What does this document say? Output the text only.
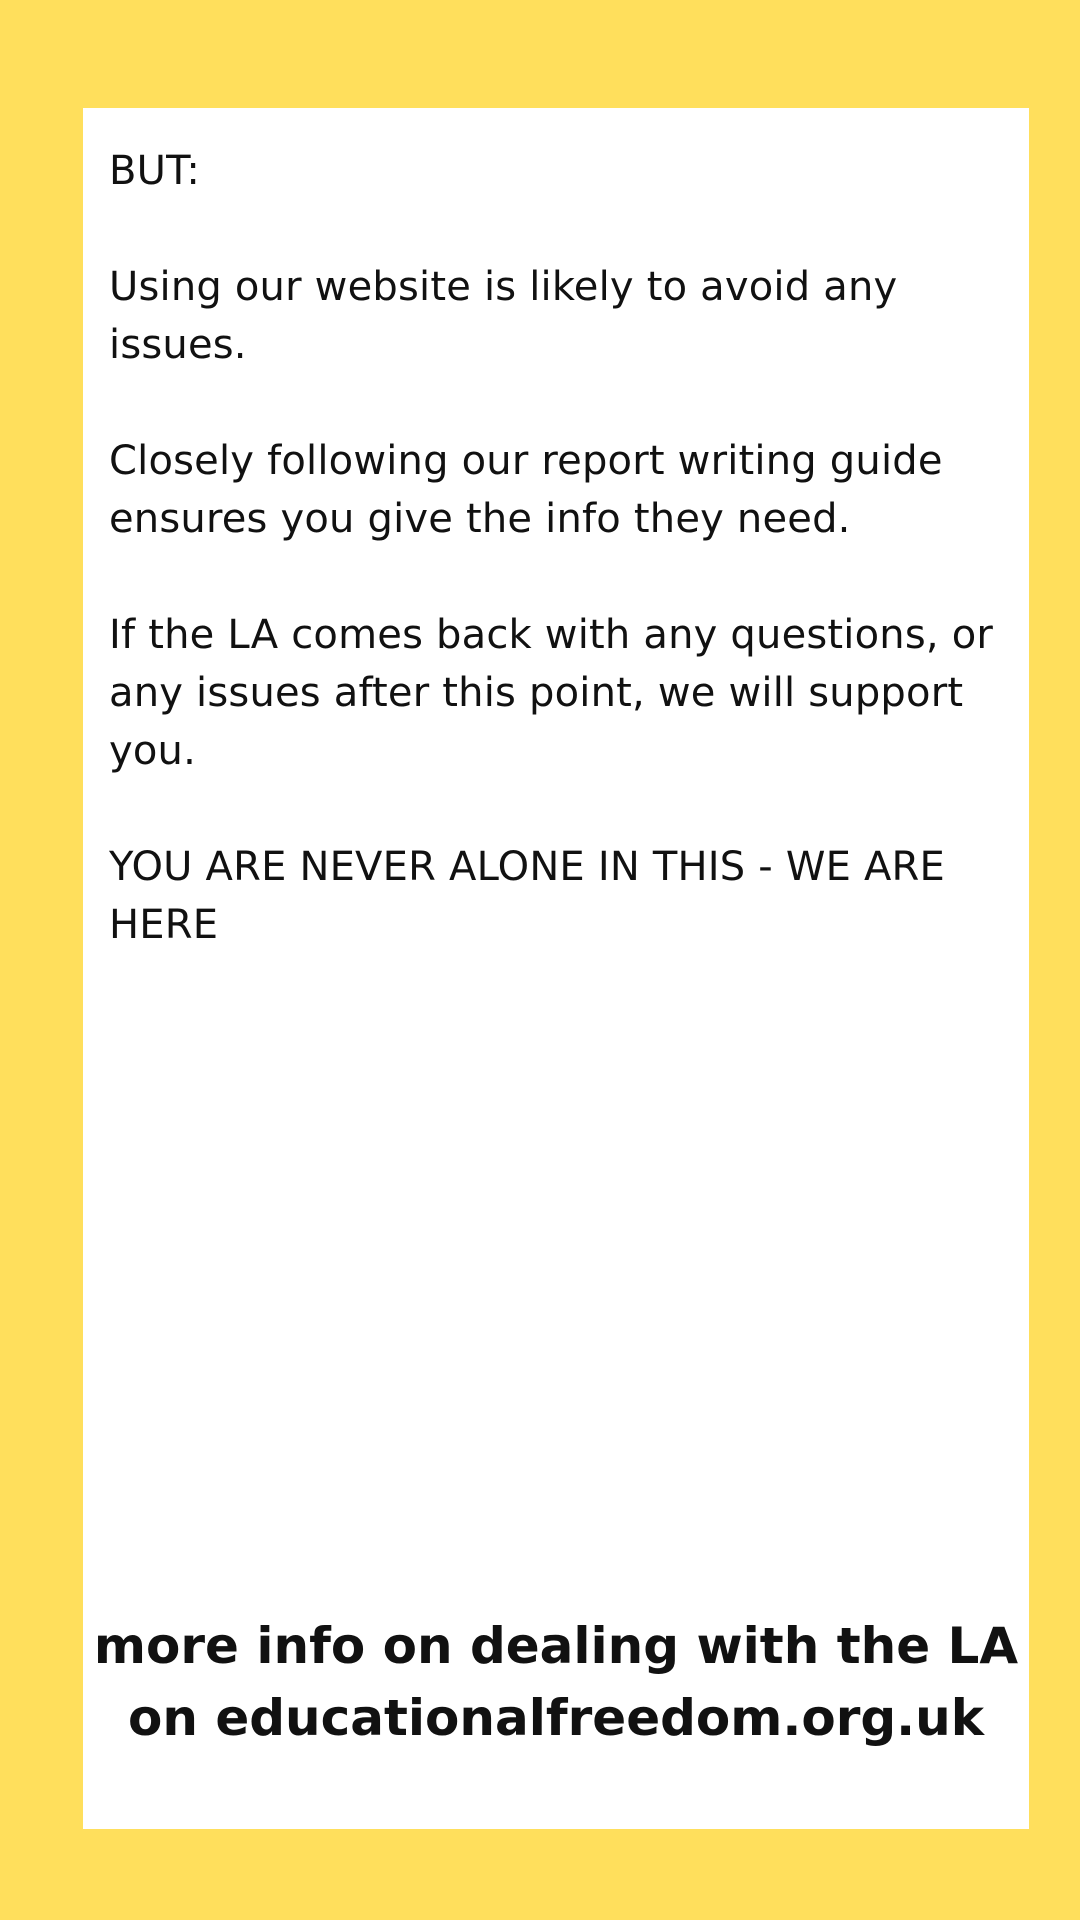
BUT:

Using our website is likely to avoid any
issues.

Closely following our report writing guide
ensures you give the info they need.

If the LA comes back with any questions, or
any issues after this point, we will support
you.

YOU ARE NEVER ALONE IN THIS - WE ARE
HERE

more info on dealing with the LA
on educationalfreedom.org.uk
